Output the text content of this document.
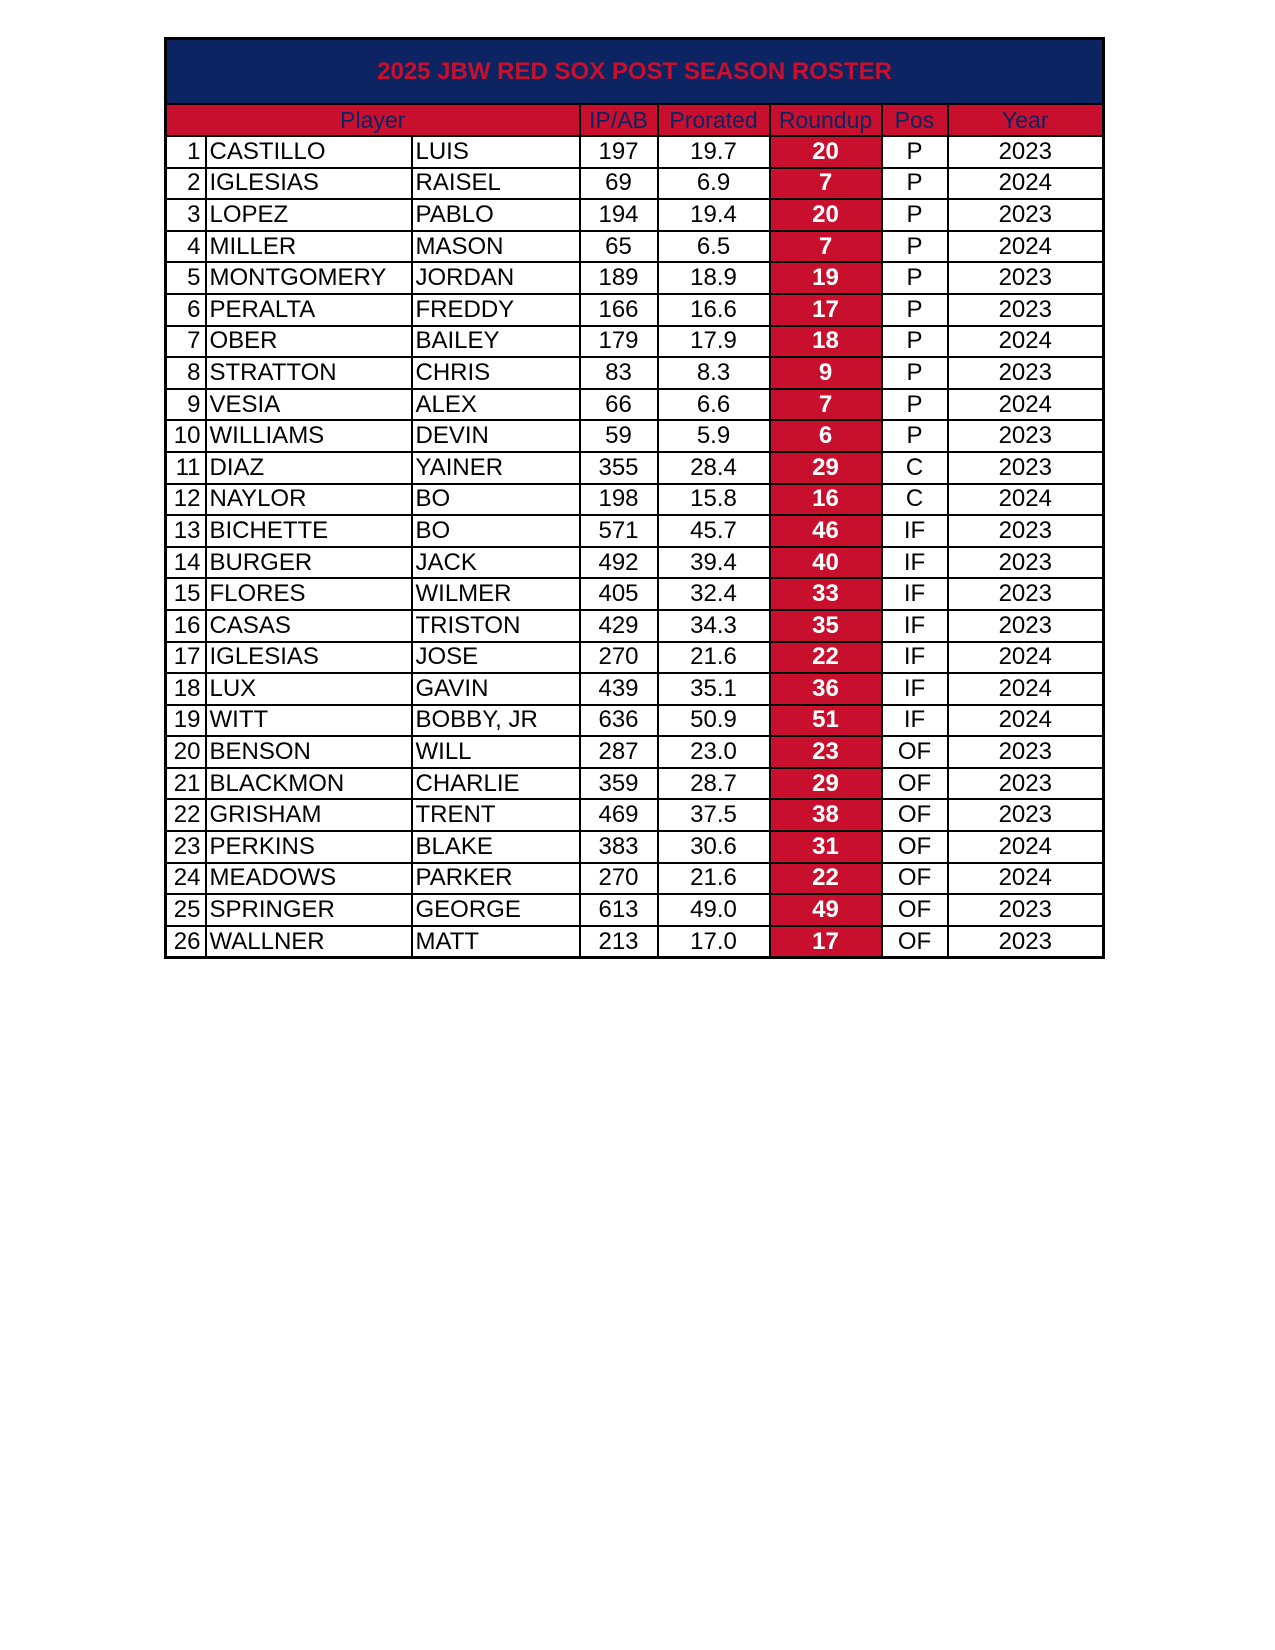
2025 JBW RED SOX POST SEASON ROSTER							
Player			IP/AB	Prorated	Roundup	Pos	Year
1	CASTILLO	LUIS	197	19.7	20	P	2023
2	IGLESIAS	RAISEL	69	6.9	7	P	2024
3	LOPEZ	PABLO	194	19.4	20	P	2023
4	MILLER	MASON	65	6.5	7	P	2024
5	MONTGOMERY	JORDAN	189	18.9	19	P	2023
6	PERALTA	FREDDY	166	16.6	17	P	2023
7	OBER	BAILEY	179	17.9	18	P	2024
8	STRATTON	CHRIS	83	8.3	9	P	2023
9	VESIA	ALEX	66	6.6	7	P	2024
10	WILLIAMS	DEVIN	59	5.9	6	P	2023
11	DIAZ	YAINER	355	28.4	29	C	2023
12	NAYLOR	BO	198	15.8	16	C	2024
13	BICHETTE	BO	571	45.7	46	IF	2023
14	BURGER	JACK	492	39.4	40	IF	2023
15	FLORES	WILMER	405	32.4	33	IF	2023
16	CASAS	TRISTON	429	34.3	35	IF	2023
17	IGLESIAS	JOSE	270	21.6	22	IF	2024
18	LUX	GAVIN	439	35.1	36	IF	2024
19	WITT	BOBBY, JR	636	50.9	51	IF	2024
20	BENSON	WILL	287	23.0	23	OF	2023
21	BLACKMON	CHARLIE	359	28.7	29	OF	2023
22	GRISHAM	TRENT	469	37.5	38	OF	2023
23	PERKINS	BLAKE	383	30.6	31	OF	2024
24	MEADOWS	PARKER	270	21.6	22	OF	2024
25	SPRINGER	GEORGE	613	49.0	49	OF	2023
26	WALLNER	MATT	213	17.0	17	OF	2023
